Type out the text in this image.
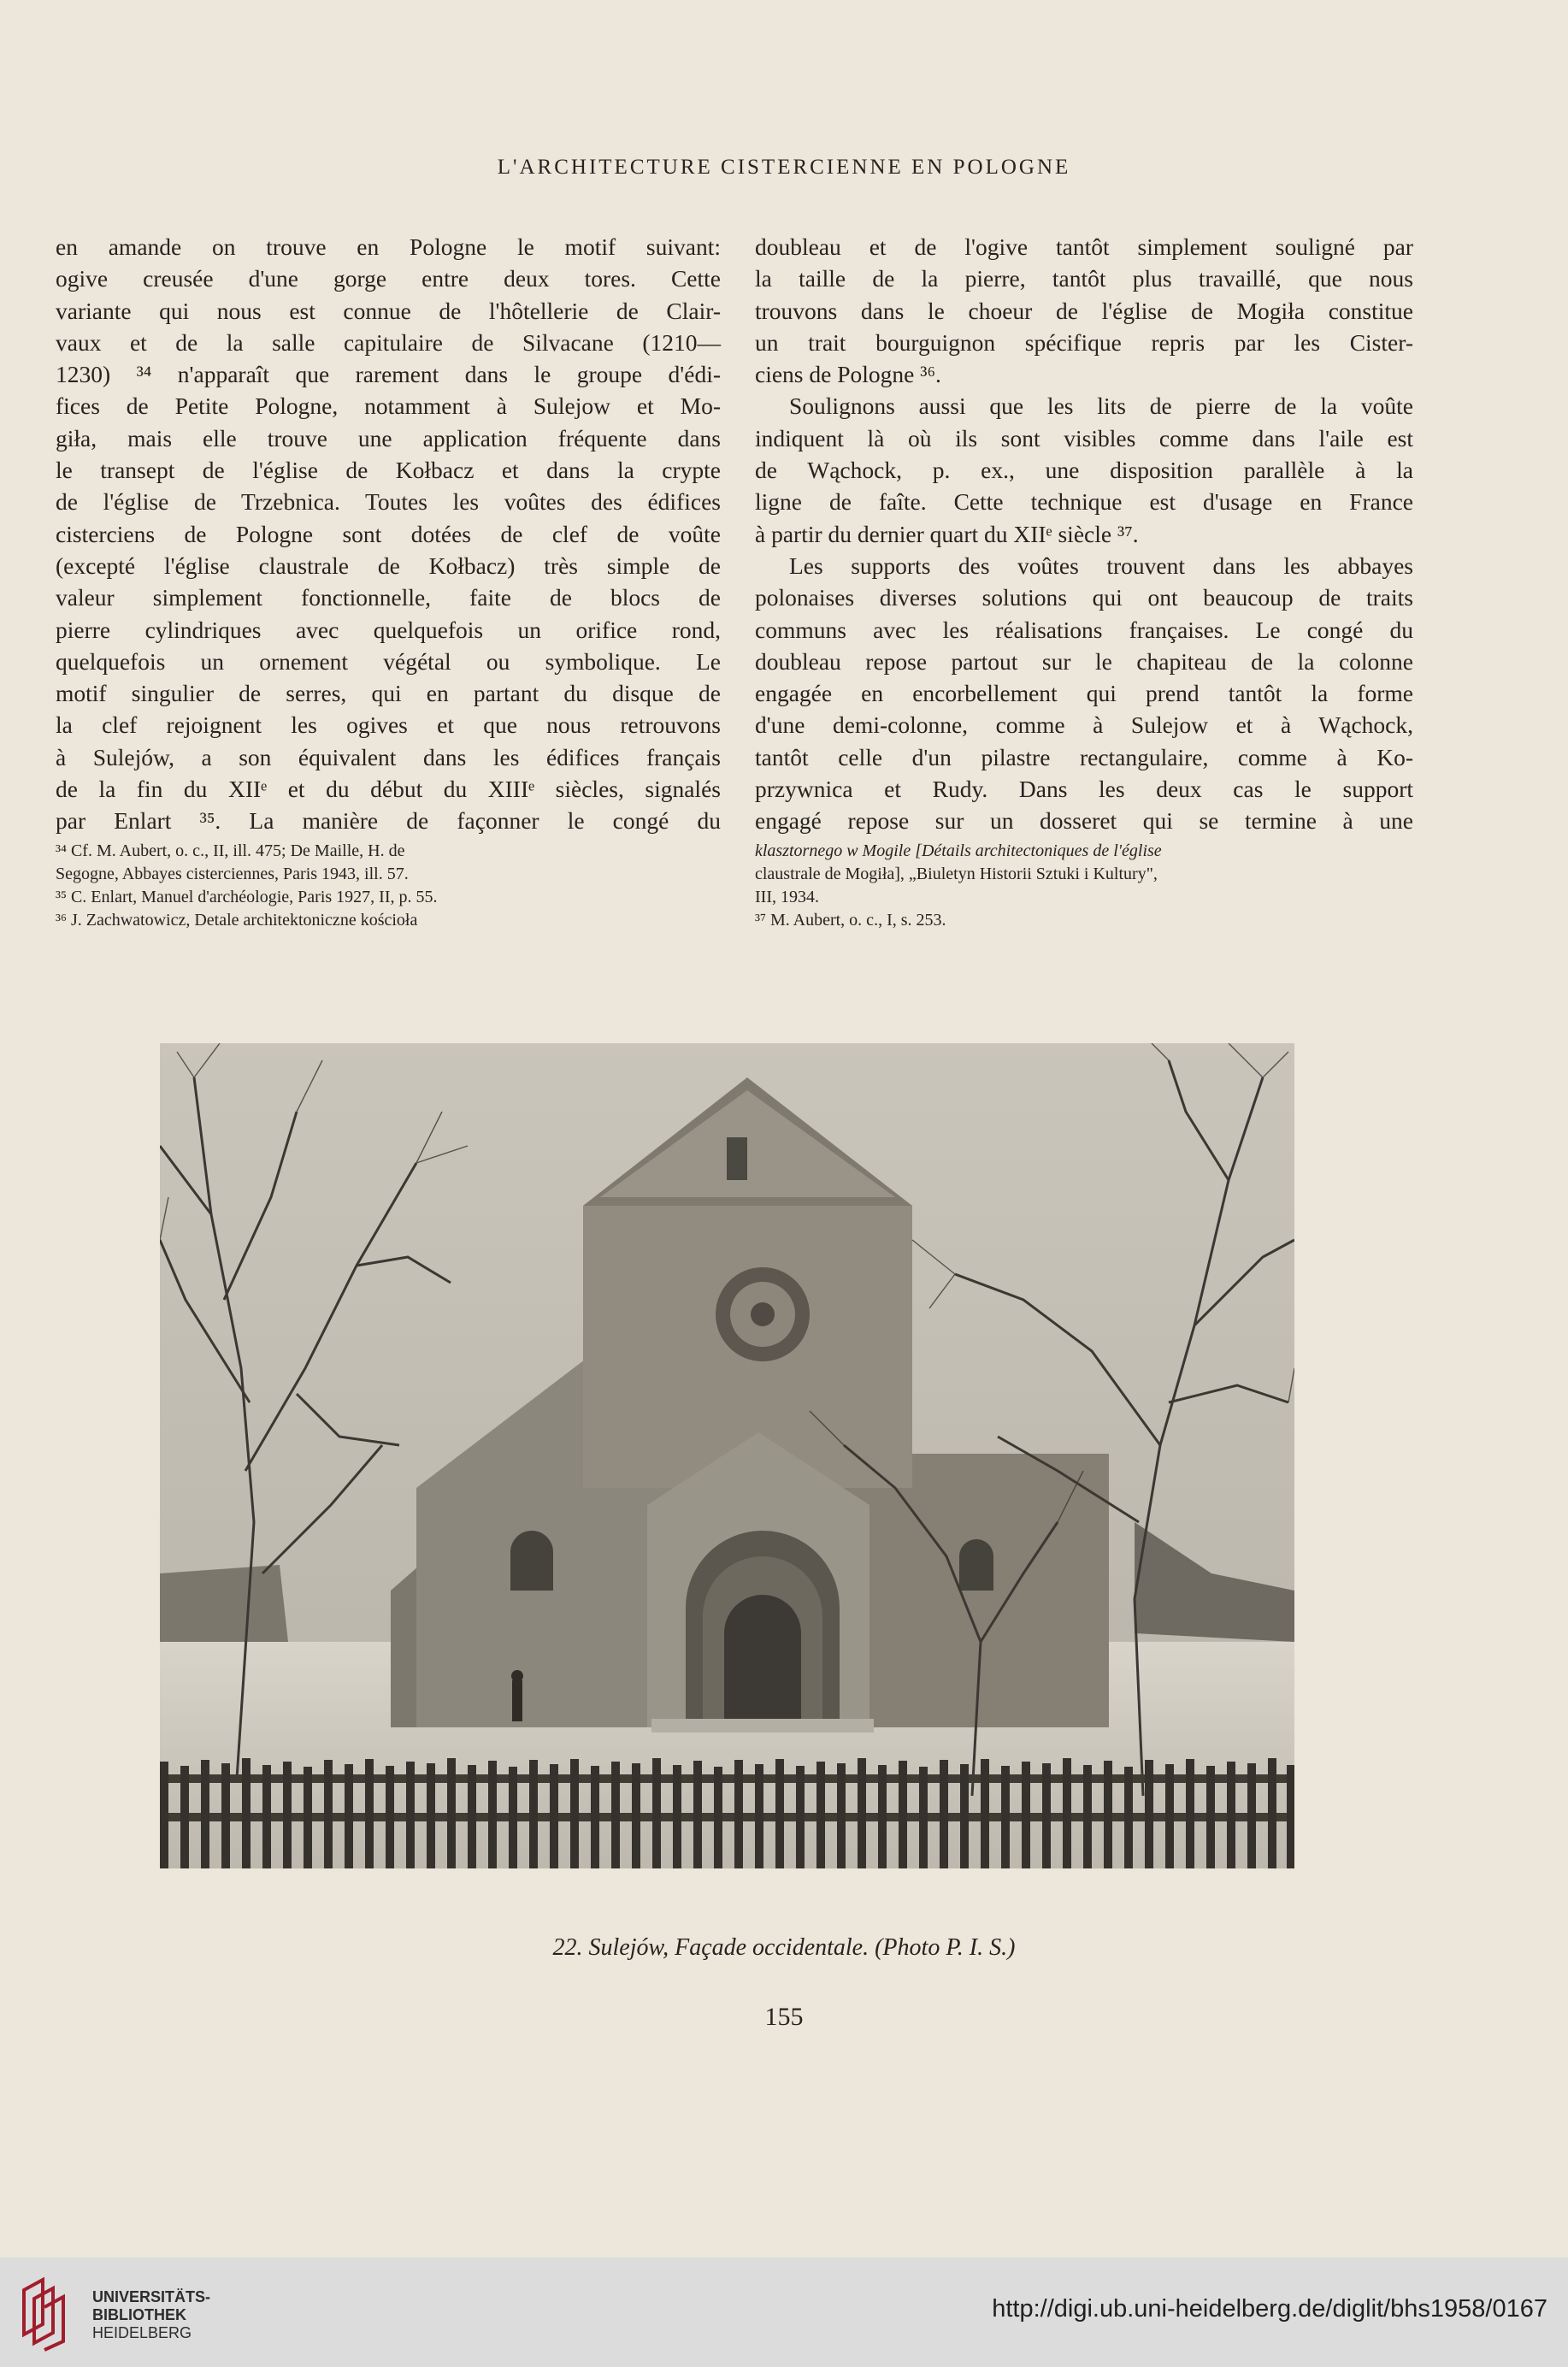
L'ARCHITECTURE CISTERCIENNE EN POLOGNE

en amande on trouve en Pologne le motif suivant:
ogive creusée d'une gorge entre deux tores. Cette
variante qui nous est connue de l'hôtellerie de Clair-
vaux et de la salle capitulaire de Silvacane (1210—
1230) ³⁴ n'apparaît que rarement dans le groupe d'édi-
fices de Petite Pologne, notamment à Sulejow et Mo-
giła, mais elle trouve une application fréquente dans
le transept de l'église de Kołbacz et dans la crypte
de l'église de Trzebnica. Toutes les voûtes des édifices
cisterciens de Pologne sont dotées de clef de voûte
(excepté l'église claustrale de Kołbacz) très simple de
valeur simplement fonctionnelle, faite de blocs de
pierre cylindriques avec quelquefois un orifice rond,
quelquefois un ornement végétal ou symbolique. Le
motif singulier de serres, qui en partant du disque de
la clef rejoignent les ogives et que nous retrouvons
à Sulejów, a son équivalent dans les édifices français
de la fin du XIIᵉ et du début du XIIIᵉ siècles, signalés
par Enlart ³⁵. La manière de façonner le congé du

doubleau et de l'ogive tantôt simplement souligné par
la taille de la pierre, tantôt plus travaillé, que nous
trouvons dans le choeur de l'église de Mogiła constitue
un trait bourguignon spécifique repris par les Cister-
ciens de Pologne ³⁶.

Soulignons aussi que les lits de pierre de la voûte
indiquent là où ils sont visibles comme dans l'aile est
de Wąchock, p. ex., une disposition parallèle à la
ligne de faîte. Cette technique est d'usage en France
à partir du dernier quart du XIIᵉ siècle ³⁷.

Les supports des voûtes trouvent dans les abbayes
polonaises diverses solutions qui ont beaucoup de traits
communs avec les réalisations françaises. Le congé du
doubleau repose partout sur le chapiteau de la colonne
engagée en encorbellement qui prend tantôt la forme
d'une demi-colonne, comme à Sulejow et à Wąchock,
tantôt celle d'un pilastre rectangulaire, comme à Ko-
przywnica et Rudy. Dans les deux cas le support
engagé repose sur un dosseret qui se termine à une

³⁴ Cf. M. Aubert, o. c., II, ill. 475; De Maille, H. de
Segogne, Abbayes cisterciennes, Paris 1943, ill. 57.
³⁵ C. Enlart, Manuel d'archéologie, Paris 1927, II, p. 55.
³⁶ J. Zachwatowicz, Detale architektoniczne kościoła
klasztornego w Mogile [Détails architectoniques de l'église
claustrale de Mogiła], „Biuletyn Historii Sztuki i Kultury",
III, 1934.
³⁷ M. Aubert, o. c., I, s. 253.
22. Sulejów, Façade occidentale. (Photo P. I. S.)
155
UNIVERSITÄTS-
BIBLIOTHEK
HEIDELBERG
http://digi.ub.uni-heidelberg.de/diglit/bhs1958/0167
